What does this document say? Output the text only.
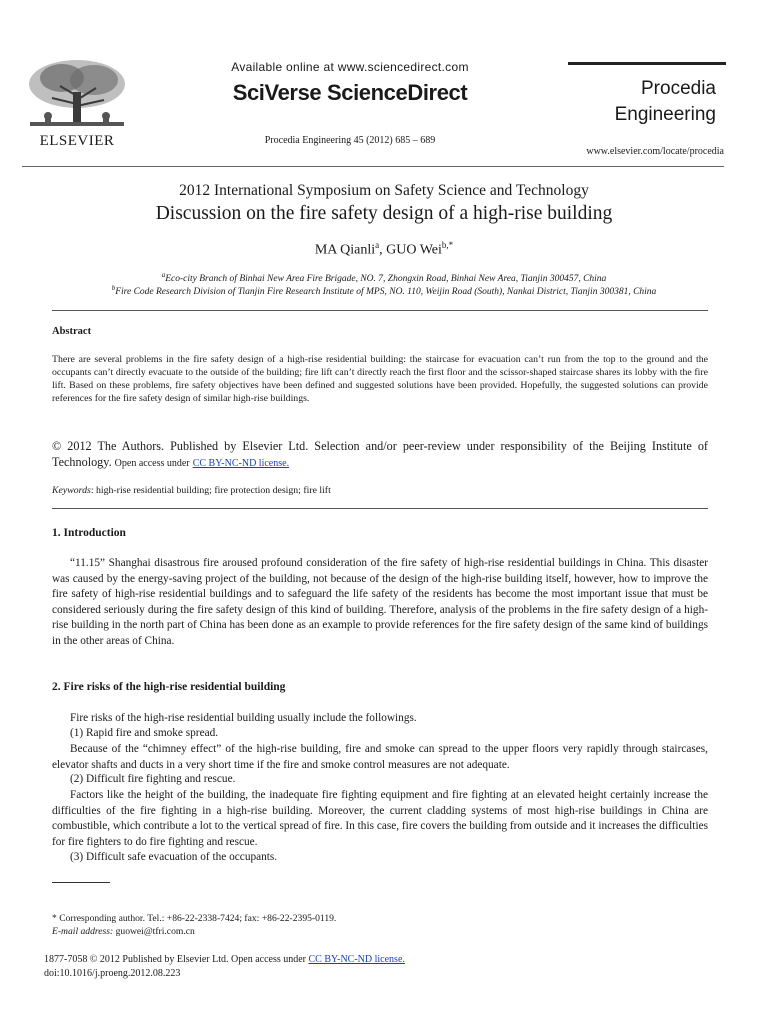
ELSEVIER
Available online at www.sciencedirect.com
SciVerse ScienceDirect
Procedia Engineering 45 (2012) 685 – 689
Procedia
Engineering
www.elsevier.com/locate/procedia
2012 International Symposium on Safety Science and Technology
Discussion on the fire safety design of a high-rise building
MA Qianli$^a$, GUO Wei$^{b,*}$
$^a$Eco-city Branch of Binhai New Area Fire Brigade, NO. 7, Zhongxin Road, Binhai New Area, Tianjin 300457, China
$^b$Fire Code Research Division of Tianjin Fire Research Institute of MPS, NO. 110, Weijin Road (South), Nankai District, Tianjin 300381, China
Abstract
There are several problems in the fire safety design of a high-rise residential building: the staircase for evacuation can’t run from the top to the ground and the occupants can’t directly evacuate to the outside of the building; fire lift can’t directly reach the first floor and the scissor-shaped staircase shares its lobby with the fire lift. Based on these problems, fire safety objectives have been defined and suggested solutions have been provided. Hopefully, the suggested solutions can provide references for the fire safety design of similar high-rise buildings.
© 2012 The Authors. Published by Elsevier Ltd. Selection and/or peer-review under responsibility of the Beijing Institute of Technology. Open access under CC BY-NC-ND license.
Keywords: high-rise residential building; fire protection design; fire lift
1. Introduction
“11.15” Shanghai disastrous fire aroused profound consideration of the fire safety of high-rise residential buildings in China. This disaster was caused by the energy-saving project of the building, not because of the design of the high-rise building itself, however, how to improve the fire safety of high-rise residential buildings and to safeguard the life safety of the residents has become the most important issue that must be considered seriously during the fire safety design of this kind of building. Therefore, analysis of the problems in the fire safety design of a high-rise building in the north part of China has been done as an example to provide references for the fire safety design of the same kind of buildings in the other areas of China.
2. Fire risks of the high-rise residential building
Fire risks of the high-rise residential building usually include the followings.
(1) Rapid fire and smoke spread.
Because of the “chimney effect” of the high-rise building, fire and smoke can spread to the upper floors very rapidly through staircases, elevator shafts and ducts in a very short time if the fire and smoke control measures are not adequate.
(2) Difficult fire fighting and rescue.
Factors like the height of the building, the inadequate fire fighting equipment and fire fighting at an elevated height certainly increase the difficulties of the fire fighting in a high-rise building. Moreover, the current cladding systems of most high-rise buildings in China are combustible, which contribute a lot to the vertical spread of fire. In this case, fire covers the building from outside and it increases the difficulties for fire fighters to do fire fighting and rescue.
(3) Difficult safe evacuation of the occupants.
* Corresponding author. Tel.: +86-22-2338-7424; fax: +86-22-2395-0119.
E-mail address: guowei@tfri.com.cn
1877-7058 © 2012 Published by Elsevier Ltd. Open access under CC BY-NC-ND license.
doi:10.1016/j.proeng.2012.08.223
